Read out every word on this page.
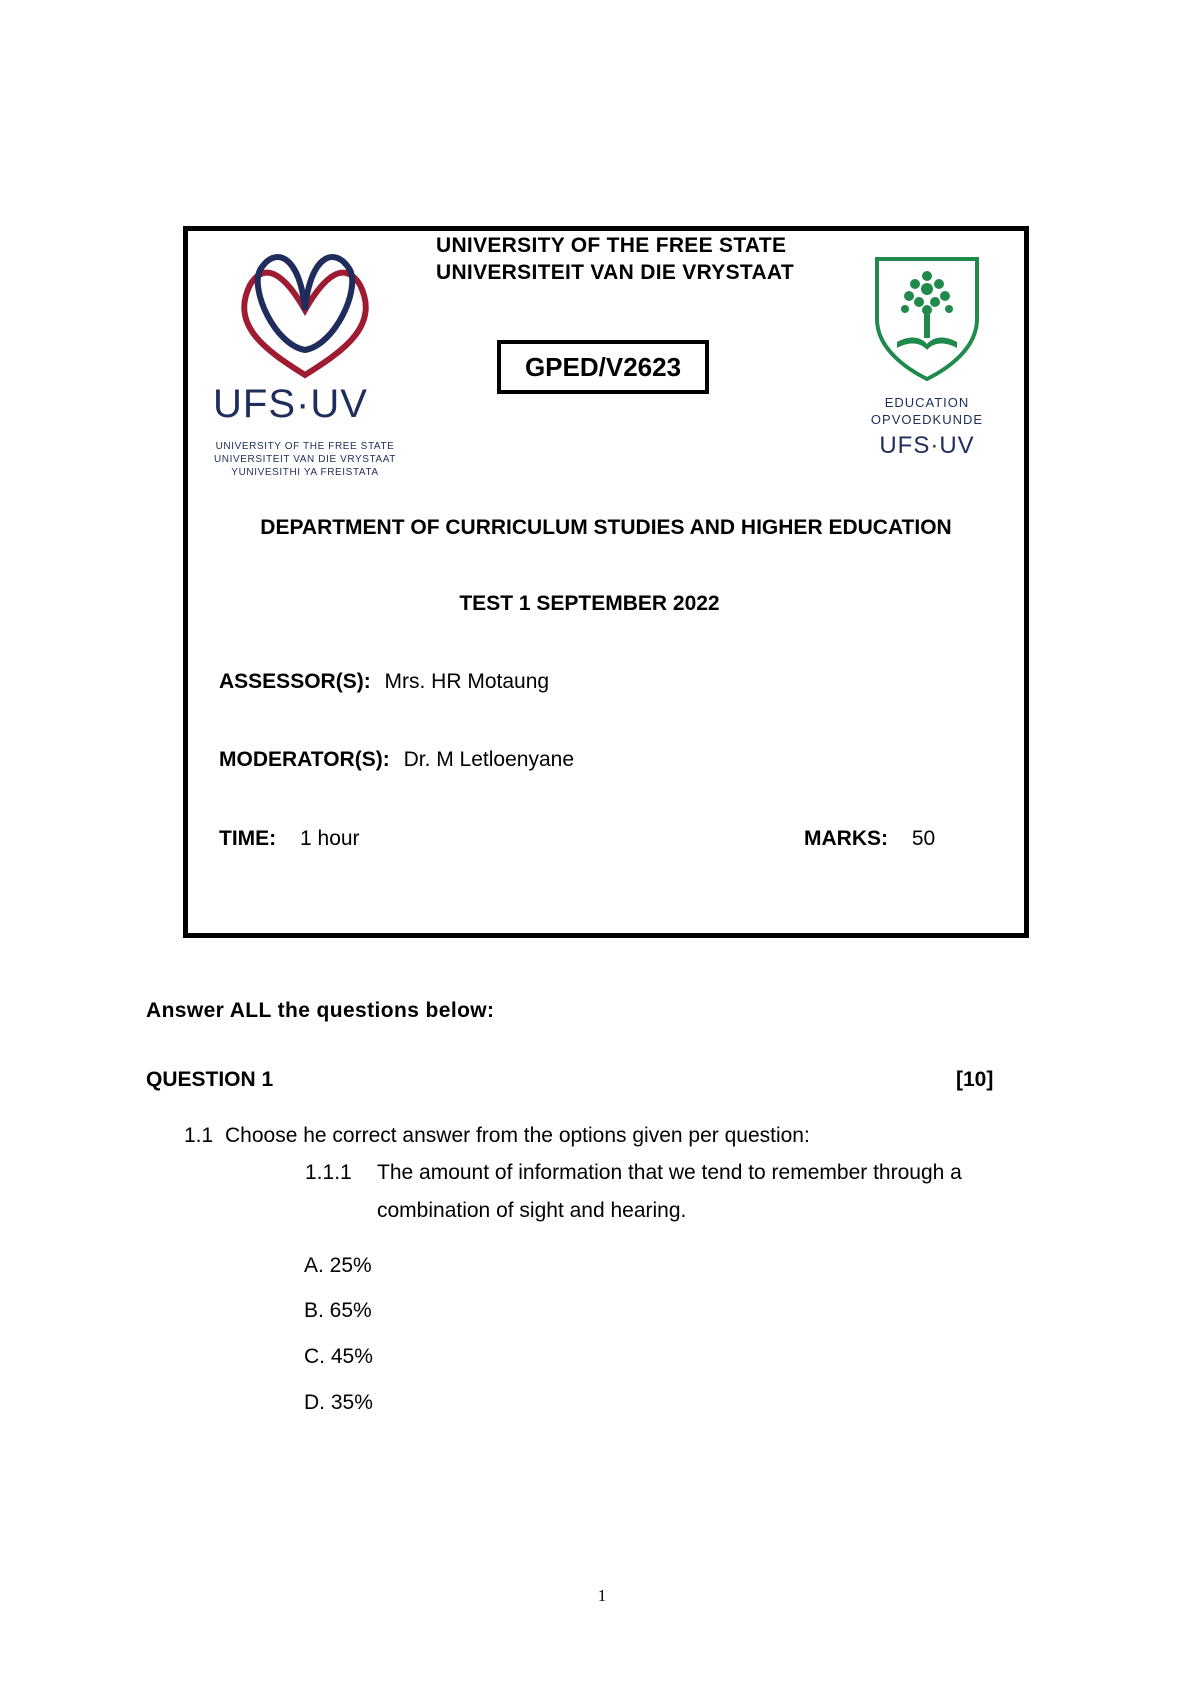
UFS·UV
UNIVERSITY OF THE FREE STATE
UNIVERSITEIT VAN DIE VRYSTAAT
YUNIVESITHI YA FREISTATA
UNIVERSITY OF THE FREE STATE
UNIVERSITEIT VAN DIE VRYSTAAT
GPED/V2623
EDUCATION
OPVOEDKUNDE
UFS·UV
DEPARTMENT OF CURRICULUM STUDIES AND HIGHER EDUCATION
TEST 1 SEPTEMBER 2022
ASSESSOR(S): Mrs. HR Motaung
MODERATOR(S): Dr. M Letloenyane
TIME: 1 hour	MARKS: 50
Answer ALL the questions below:
QUESTION 1	[10]
1.1 Choose he correct answer from the options given per question:
1.1.1 The amount of information that we tend to remember through a
combination of sight and hearing.
A. 25%
B. 65%
C. 45%
D. 35%
1
